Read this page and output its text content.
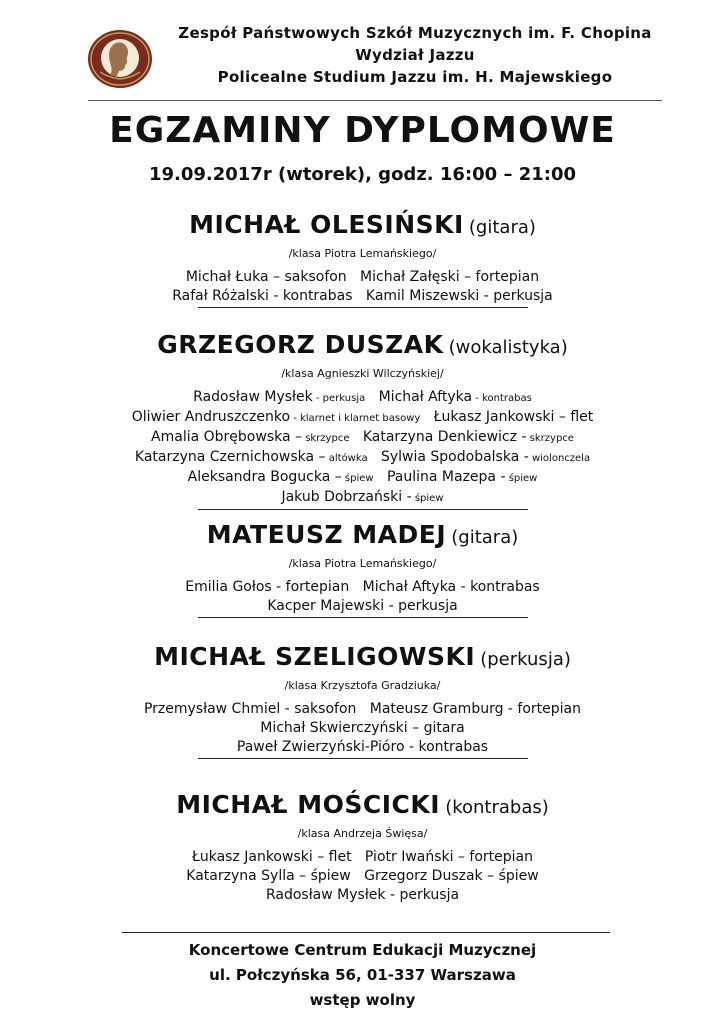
Zespół Państwowych Szkół Muzycznych im. F. Chopina
Wydział Jazzu
Policealne Studium Jazzu im. H. Majewskiego
EGZAMINY DYPLOMOWE
19.09.2017r (wtorek), godz. 16:00 – 21:00
MICHAŁ OLESIŃSKI (gitara)
/klasa Piotra Lemańskiego/
Michał Łuka – saksofon Michał Załęski – fortepian
Rafał Różalski - kontrabas Kamil Miszewski - perkusja
GRZEGORZ DUSZAK (wokalistyka)
/klasa Agnieszki Wilczyńskiej/
Radosław Mysłek - perkusja Michał Aftyka - kontrabas
Oliwier Andruszczenko - klarnet i klarnet basowy Łukasz Jankowski – flet
Amalia Obrębowska – skrzypce Katarzyna Denkiewicz - skrzypce
Katarzyna Czernichowska – altówka Sylwia Spodobalska - wiolonczela
Aleksandra Bogucka – śpiew Paulina Mazepa - śpiew
Jakub Dobrzański - śpiew
MATEUSZ MADEJ (gitara)
/klasa Piotra Lemańskiego/
Emilia Gołos - fortepian Michał Aftyka - kontrabas
Kacper Majewski - perkusja
MICHAŁ SZELIGOWSKI (perkusja)
/klasa Krzysztofa Gradziuka/
Przemysław Chmiel - saksofon Mateusz Gramburg - fortepian
Michał Skwierczyński – gitara
Paweł Zwierzyński-Pióro - kontrabas
MICHAŁ MOŚCICKI (kontrabas)
/klasa Andrzeja Święsa/
Łukasz Jankowski – flet Piotr Iwański – fortepian
Katarzyna Sylla – śpiew Grzegorz Duszak – śpiew
Radosław Mysłek - perkusja
Koncertowe Centrum Edukacji Muzycznej
ul. Połczyńska 56, 01-337 Warszawa
wstęp wolny
